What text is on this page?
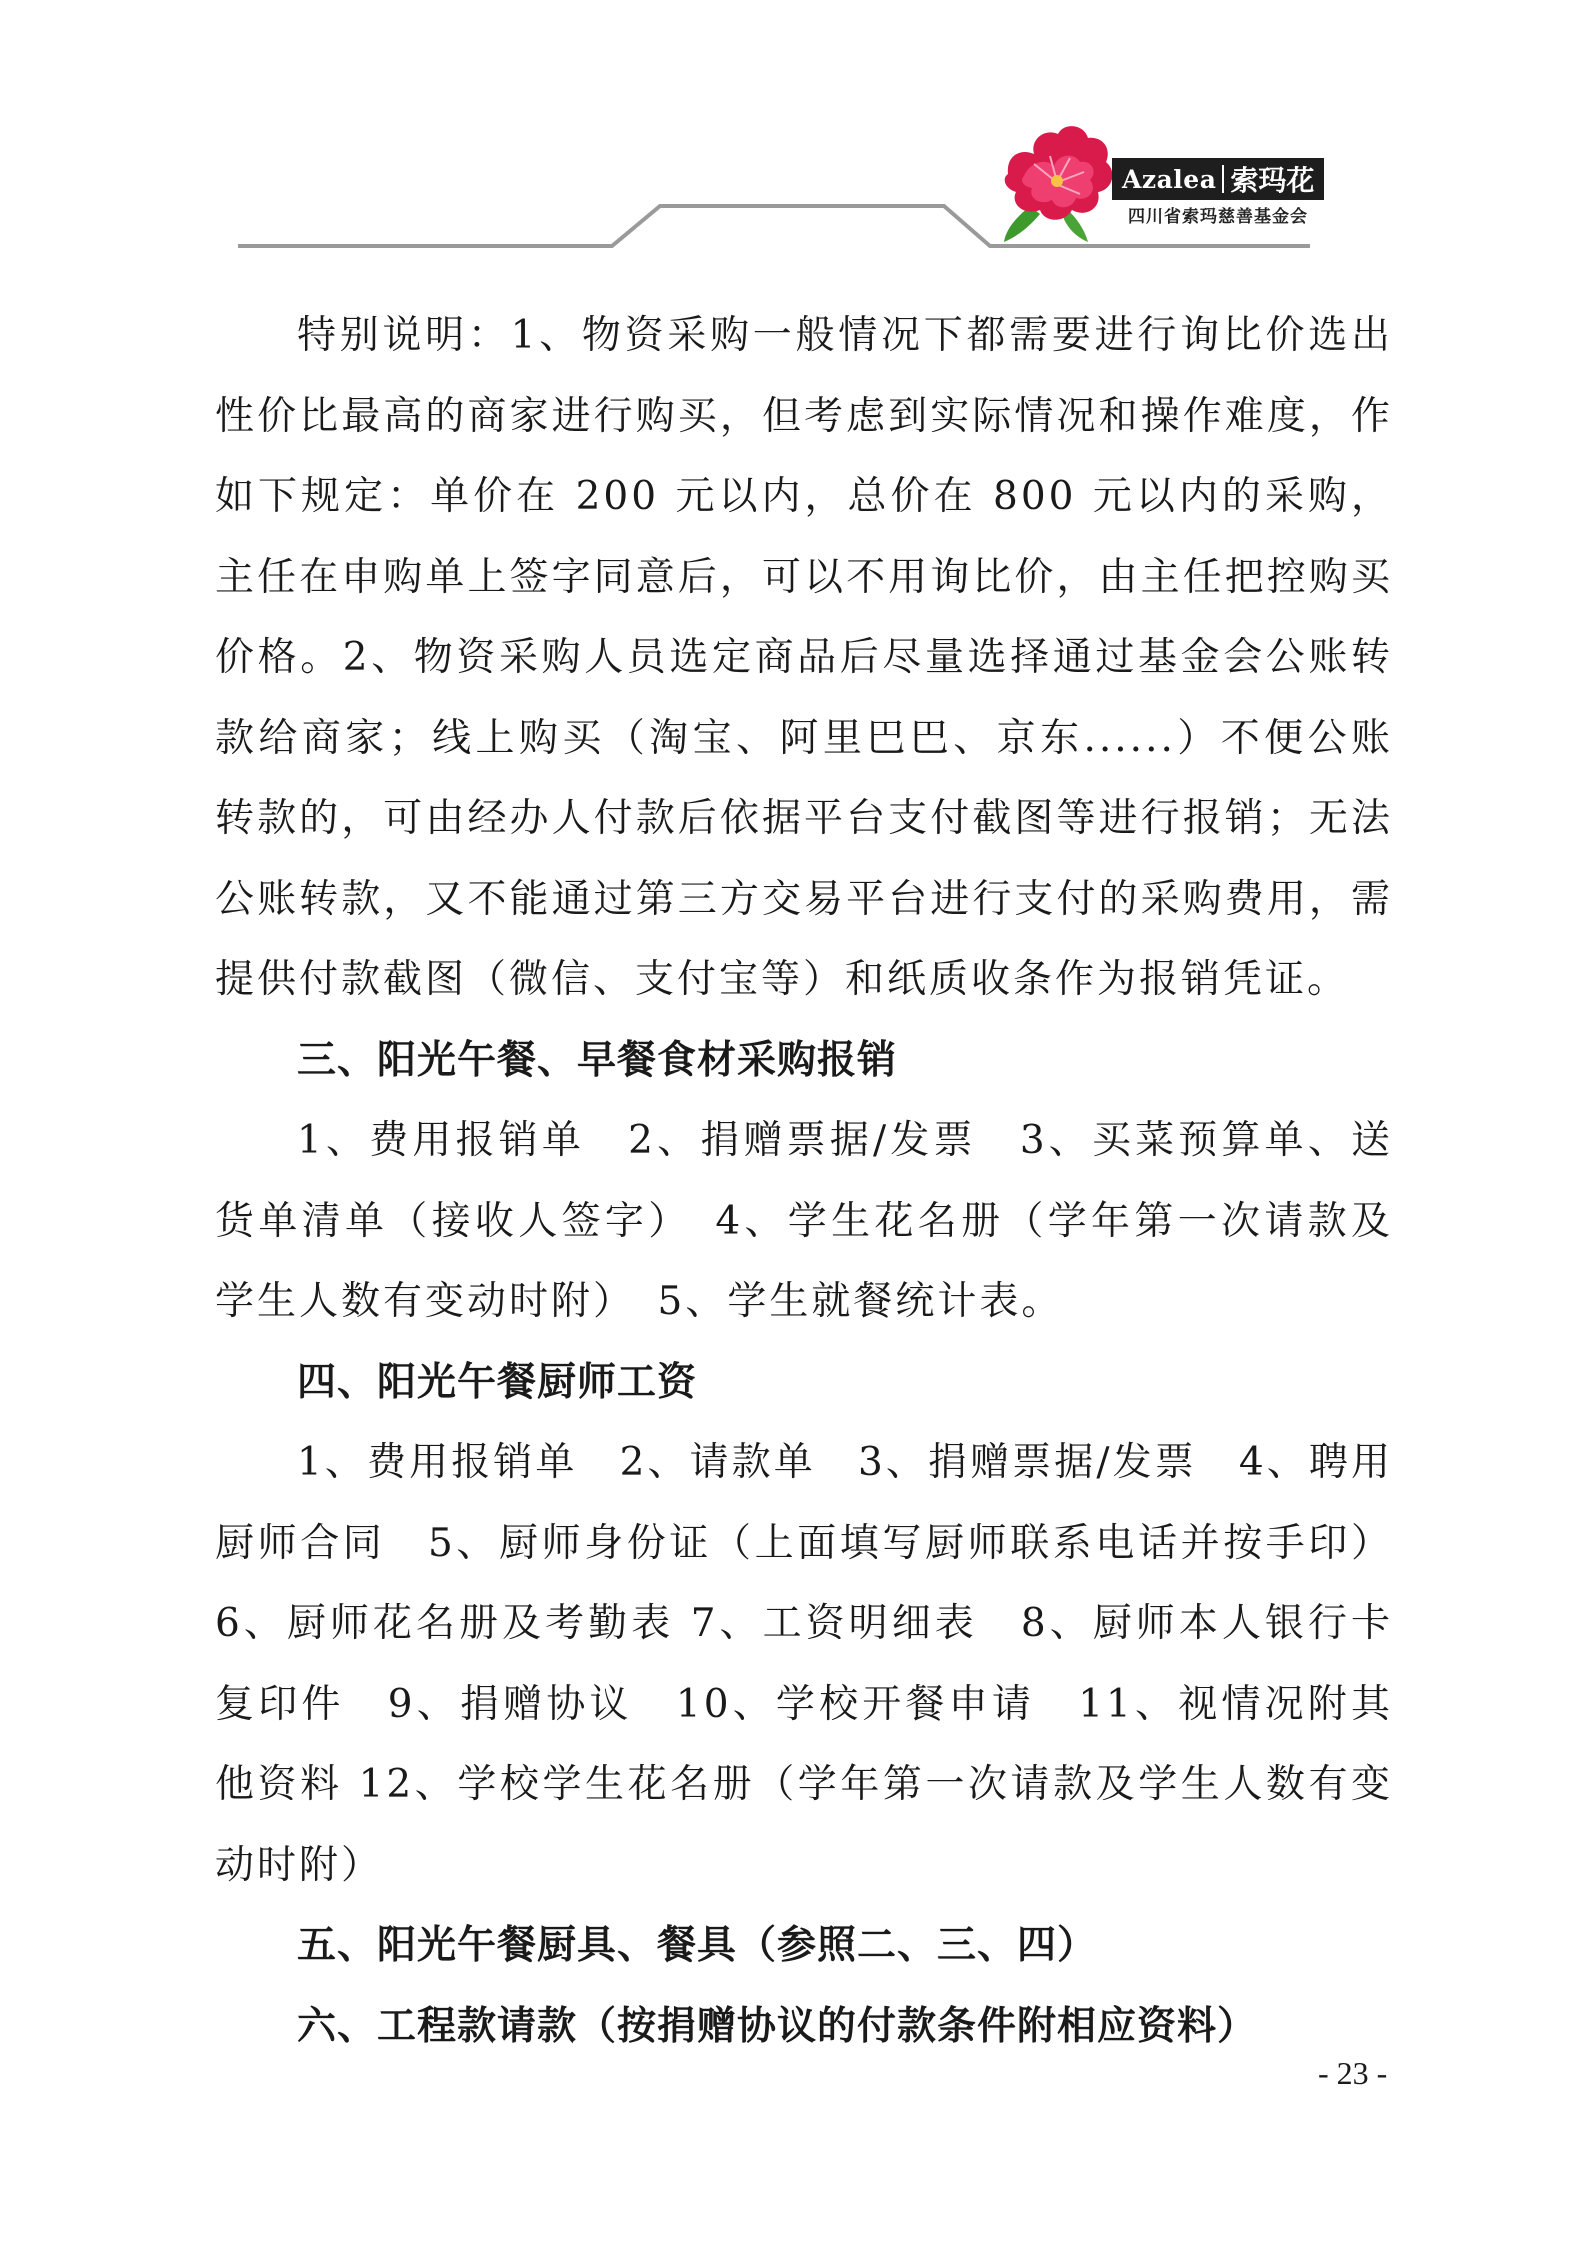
Azalea 索玛花
四川省索玛慈善基金会

特别说明：1、物资采购一般情况下都需要进行询比价选出性价比最高的商家进行购买，但考虑到实际情况和操作难度，作如下规定：单价在 200 元以内，总价在 800 元以内的采购，主任在申购单上签字同意后，可以不用询比价，由主任把控购买价格。2、物资采购人员选定商品后尽量选择通过基金会公账转款给商家；线上购买（淘宝、阿里巴巴、京东......）不便公账转款的，可由经办人付款后依据平台支付截图等进行报销；无法公账转款，又不能通过第三方交易平台进行支付的采购费用，需提供付款截图（微信、支付宝等）和纸质收条作为报销凭证。

三、阳光午餐、早餐食材采购报销

1、费用报销单　2、捐赠票据/发票　3、买菜预算单、送货单清单（接收人签字）　4、学生花名册（学年第一次请款及学生人数有变动时附）　5、学生就餐统计表。

四、阳光午餐厨师工资

1、费用报销单　2、请款单　3、捐赠票据/发票　4、聘用厨师合同　5、厨师身份证（上面填写厨师联系电话并按手印）6、厨师花名册及考勤表 7、工资明细表　8、厨师本人银行卡复印件　9、捐赠协议　10、学校开餐申请　11、视情况附其他资料 12、学校学生花名册（学年第一次请款及学生人数有变动时附）

五、阳光午餐厨具、餐具（参照二、三、四）

六、工程款请款（按捐赠协议的付款条件附相应资料）

- 23 -
